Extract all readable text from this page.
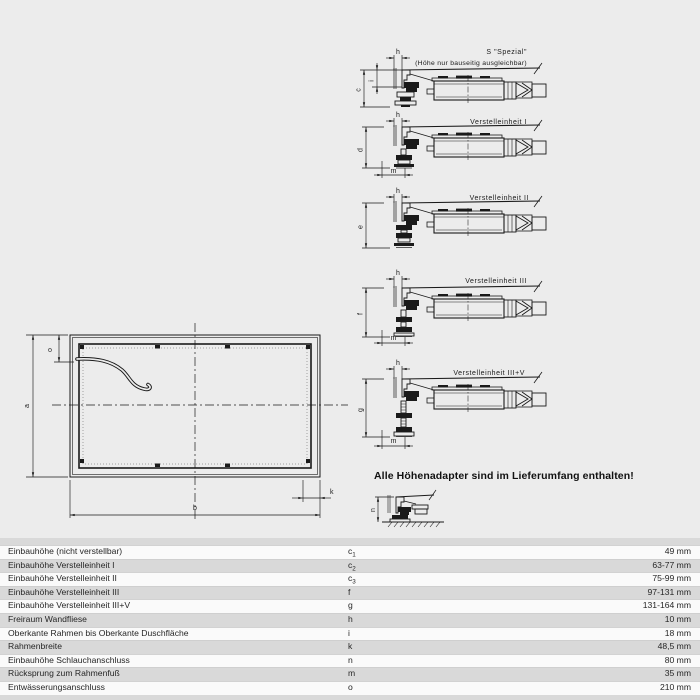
S "Spezial"
(Höhe nur bauseitig ausgleichbar)
h
i
c
Verstelleinheit I
h
d
m
Verstelleinheit II
h
e
Verstelleinheit III
h
f
m
Verstelleinheit III+V
h
g
m
a
o
b
k
n
Alle Höhenadapter sind im Lieferumfang enthalten!
Einbauhöhe (nicht verstellbar)	$c_1$	49 mm
Einbauhöhe Verstelleinheit I	$c_2$	63-77 mm
Einbauhöhe Verstelleinheit II	$c_3$	75-99 mm
Einbauhöhe Verstelleinheit III	f	97-131 mm
Einbauhöhe Verstelleinheit III+V	g	131-164 mm
Freiraum Wandfliese	h	10 mm
Oberkante Rahmen bis Oberkante Duschfläche	i	18 mm
Rahmenbreite	k	48,5 mm
Einbauhöhe Schlauchanschluss	n	80 mm
Rücksprung zum Rahmenfuß	m	35 mm
Entwässerungsanschluss	o	210 mm
